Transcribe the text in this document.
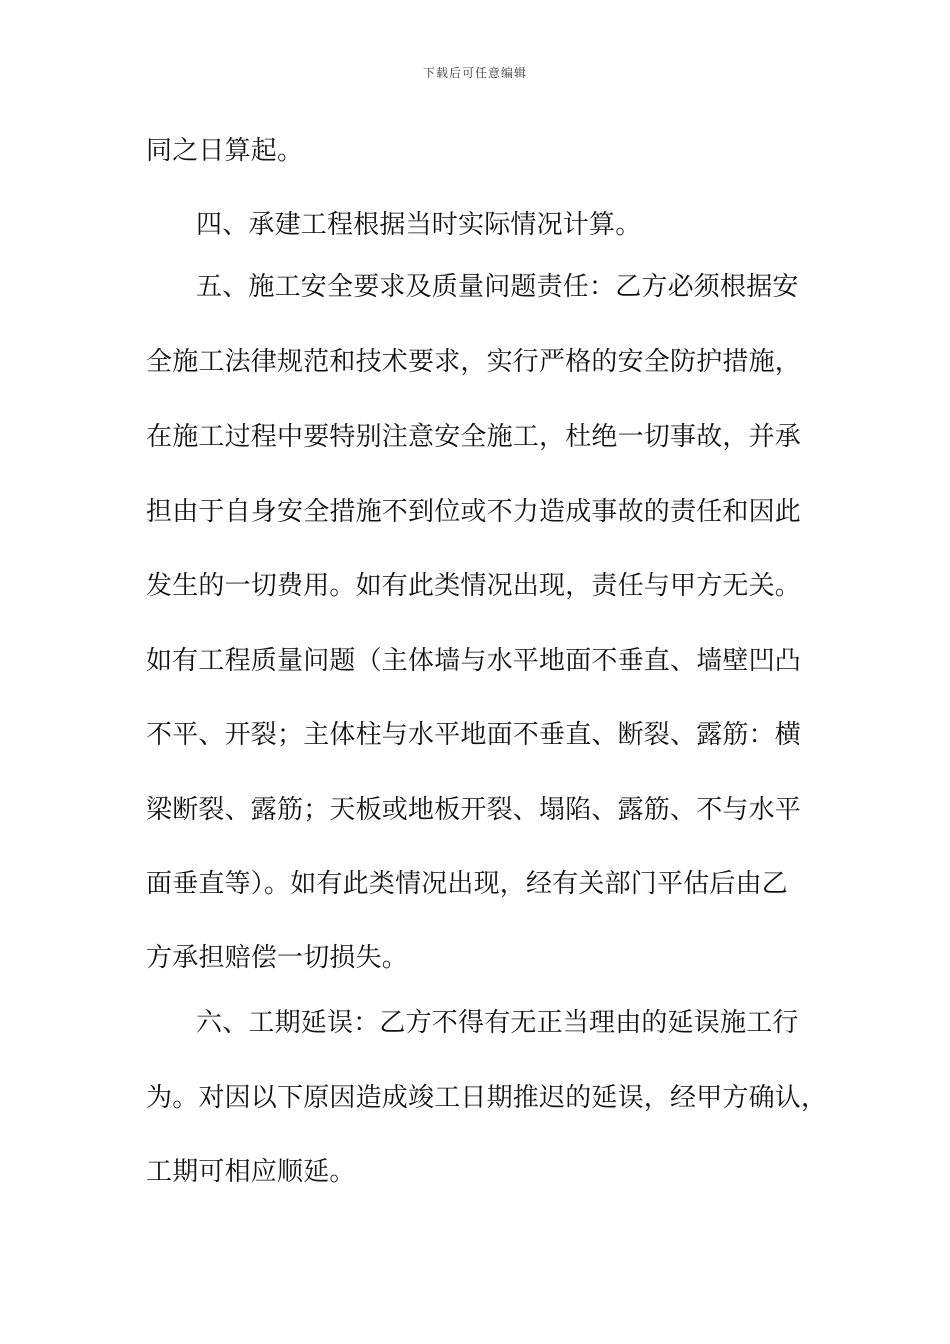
下载后可任意编辑
同之日算起。
四、承建工程根据当时实际情况计算。
五、施工安全要求及质量问题责任：乙方必须根据安
全施工法律规范和技术要求，实行严格的安全防护措施，
在施工过程中要特别注意安全施工，杜绝一切事故，并承
担由于自身安全措施不到位或不力造成事故的责任和因此
发生的一切费用。如有此类情况出现，责任与甲方无关。
如有工程质量问题（主体墙与水平地面不垂直、墙壁凹凸
不平、开裂；主体柱与水平地面不垂直、断裂、露筋：横
梁断裂、露筋；天板或地板开裂、塌陷、露筋、不与水平
面垂直等）。如有此类情况出现，经有关部门平估后由乙
方承担赔偿一切损失。
六、工期延误：乙方不得有无正当理由的延误施工行
为。对因以下原因造成竣工日期推迟的延误，经甲方确认，
工期可相应顺延。
